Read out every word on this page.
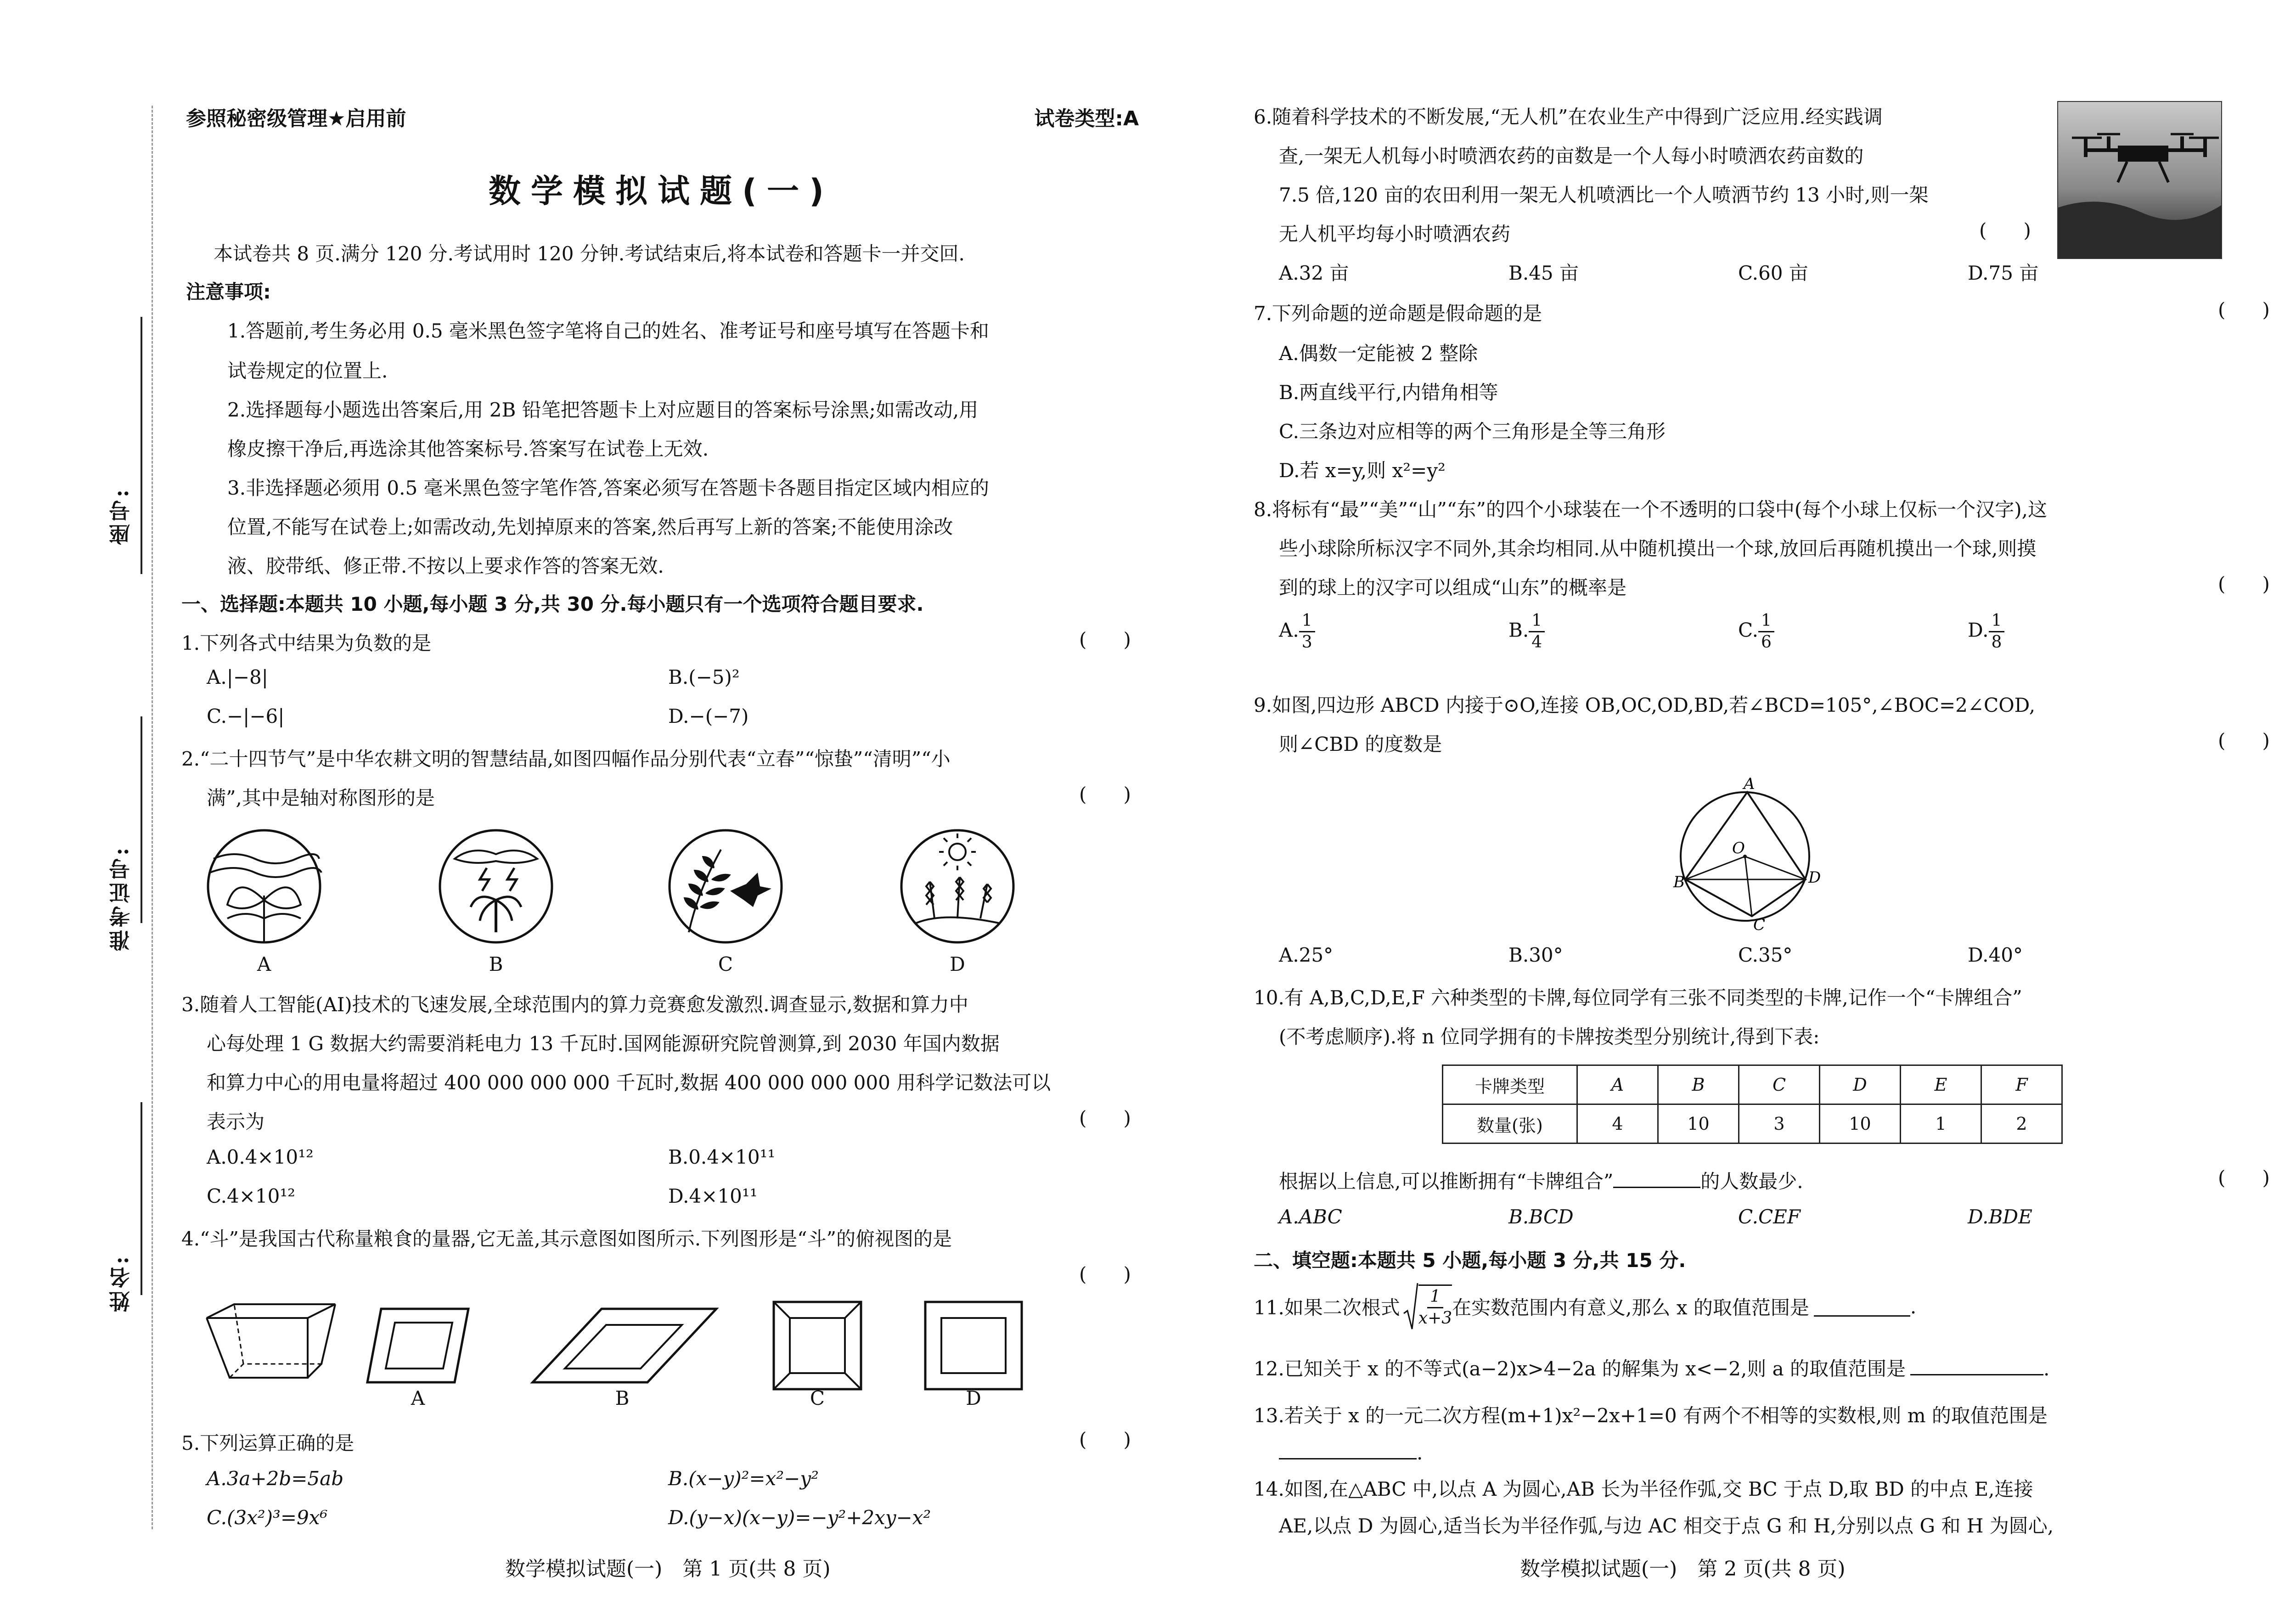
座号:
准考证号:
姓名:
参照秘密级管理★启用前	试卷类型:A
数学模拟试题(一)
本试卷共 8 页.满分 120 分.考试用时 120 分钟.考试结束后,将本试卷和答题卡一并交回.
注意事项:
1.答题前,考生务必用 0.5 毫米黑色签字笔将自己的姓名、准考证号和座号填写在答题卡和
试卷规定的位置上.
2.选择题每小题选出答案后,用 2B 铅笔把答题卡上对应题目的答案标号涂黑;如需改动,用
橡皮擦干净后,再选涂其他答案标号.答案写在试卷上无效.
3.非选择题必须用 0.5 毫米黑色签字笔作答,答案必须写在答题卡各题目指定区域内相应的
位置,不能写在试卷上;如需改动,先划掉原来的答案,然后再写上新的答案;不能使用涂改
液、胶带纸、修正带.不按以上要求作答的答案无效.
一、选择题:本题共 10 小题,每小题 3 分,共 30 分.每小题只有一个选项符合题目要求.
1.下列各式中结果为负数的是	(      )
A.|−8|	B.(−5)²
C.−|−6|	D.−(−7)
2.“二十四节气”是中华农耕文明的智慧结晶,如图四幅作品分别代表“立春”“惊蛰”“清明”“小
满”,其中是轴对称图形的是	(      )
A	B	C	D
3.随着人工智能(AI)技术的飞速发展,全球范围内的算力竞赛愈发激烈.调查显示,数据和算力中
心每处理 1 G 数据大约需要消耗电力 13 千瓦时.国网能源研究院曾测算,到 2030 年国内数据
和算力中心的用电量将超过 400 000 000 000 千瓦时,数据 400 000 000 000 用科学记数法可以
表示为	(      )
A.0.4×10¹²	B.0.4×10¹¹
C.4×10¹²	D.4×10¹¹
4.“斗”是我国古代称量粮食的量器,它无盖,其示意图如图所示.下列图形是“斗”的俯视图的是
(      )
A	B	C	D
5.下列运算正确的是	(      )
A.3a+2b=5ab	B.(x−y)²=x²−y²
C.(3x²)³=9x⁶	D.(y−x)(x−y)=−y²+2xy−x²
数学模拟试题(一)　第 1 页(共 8 页)
6.随着科学技术的不断发展,“无人机”在农业生产中得到广泛应用.经实践调
查,一架无人机每小时喷洒农药的亩数是一个人每小时喷洒农药亩数的
7.5 倍,120 亩的农田利用一架无人机喷洒比一个人喷洒节约 13 小时,则一架
无人机平均每小时喷洒农药	(      )
A.32 亩	B.45 亩	C.60 亩	D.75 亩
7.下列命题的逆命题是假命题的是	(      )
A.偶数一定能被 2 整除
B.两直线平行,内错角相等
C.三条边对应相等的两个三角形是全等三角形
D.若 x=y,则 x²=y²
8.将标有“最”“美”“山”“东”的四个小球装在一个不透明的口袋中(每个小球上仅标一个汉字),这
些小球除所标汉字不同外,其余均相同.从中随机摸出一个球,放回后再随机摸出一个球,则摸
到的球上的汉字可以组成“山东”的概率是	(      )
A. $\frac{1}{3}$	B. $\frac{1}{4}$	C. $\frac{1}{6}$	D. $\frac{1}{8}$
9.如图,四边形 ABCD 内接于⊙O,连接 OB,OC,OD,BD,若∠BCD=105°,∠BOC=2∠COD,
则∠CBD 的度数是	(      )
A
B
C
D
O
A.25°	B.30°	C.35°	D.40°
10.有 A,B,C,D,E,F 六种类型的卡牌,每位同学有三张不同类型的卡牌,记作一个“卡牌组合”
(不考虑顺序).将 n 位同学拥有的卡牌按类型分别统计,得到下表:
卡牌类型	A	B	C	D	E	F
数量(张)	4	10	3	10	1	2
根据以上信息,可以推断拥有“卡牌组合”	的人数最少.	(      )
A.ABC	B.BCD	C.CEF	D.BDE
二、填空题:本题共 5 小题,每小题 3 分,共 15 分.
11.如果二次根式 $\frac{1}{x+3}$ 在实数范围内有意义,那么 x 的取值范围是	.
12.已知关于 x 的不等式(a−2)x>4−2a 的解集为 x<−2,则 a 的取值范围是	.
13.若关于 x 的一元二次方程(m+1)x²−2x+1=0 有两个不相等的实数根,则 m 的取值范围是
.
14.如图,在△ABC 中,以点 A 为圆心,AB 长为半径作弧,交 BC 于点 D,取 BD 的中点 E,连接
AE,以点 D 为圆心,适当长为半径作弧,与边 AC 相交于点 G 和 H,分别以点 G 和 H 为圆心,
数学模拟试题(一)　第 2 页(共 8 页)
